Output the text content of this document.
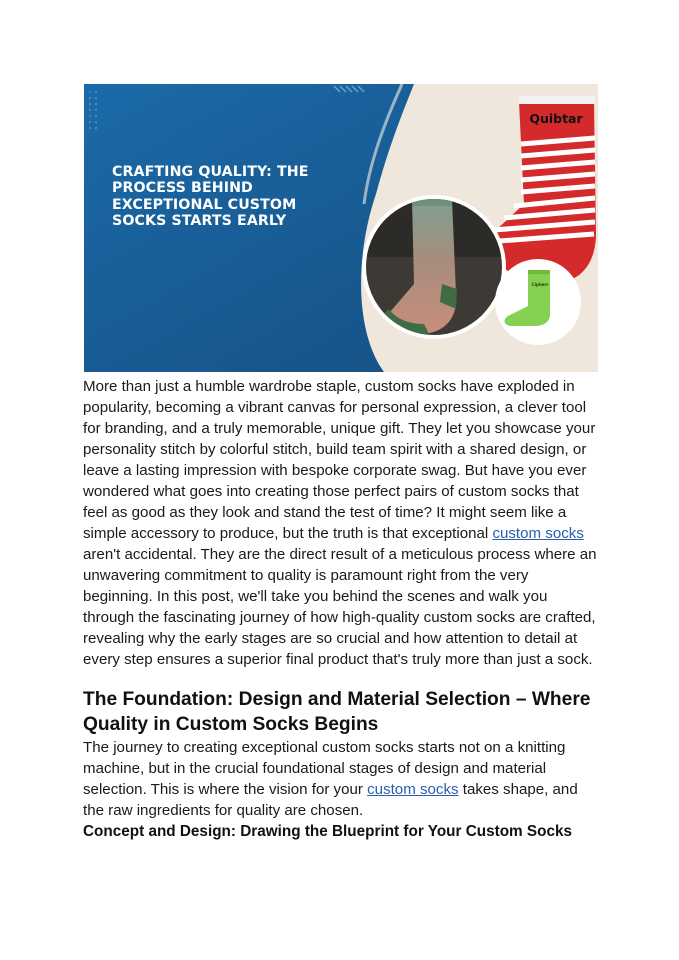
CRAFTING QUALITY: THE PROCESS BEHIND EXCEPTIONAL CUSTOM SOCKS STARTS EARLY
Quibtar
Cipherr

More than just a humble wardrobe staple, custom socks have exploded in popularity, becoming a vibrant canvas for personal expression, a clever tool for branding, and a truly memorable, unique gift. They let you showcase your personality stitch by colorful stitch, build team spirit with a shared design, or leave a lasting impression with bespoke corporate swag. But have you ever wondered what goes into creating those perfect pairs of custom socks that feel as good as they look and stand the test of time? It might seem like a simple accessory to produce, but the truth is that exceptional custom socks aren't accidental. They are the direct result of a meticulous process where an unwavering commitment to quality is paramount right from the very beginning. In this post, we'll take you behind the scenes and walk you through the fascinating journey of how high-quality custom socks are crafted, revealing why the early stages are so crucial and how attention to detail at every step ensures a superior final product that's truly more than just a sock.

The Foundation: Design and Material Selection – Where Quality in Custom Socks Begins

The journey to creating exceptional custom socks starts not on a knitting machine, but in the crucial foundational stages of design and material selection. This is where the vision for your custom socks takes shape, and the raw ingredients for quality are chosen.

Concept and Design: Drawing the Blueprint for Your Custom Socks
